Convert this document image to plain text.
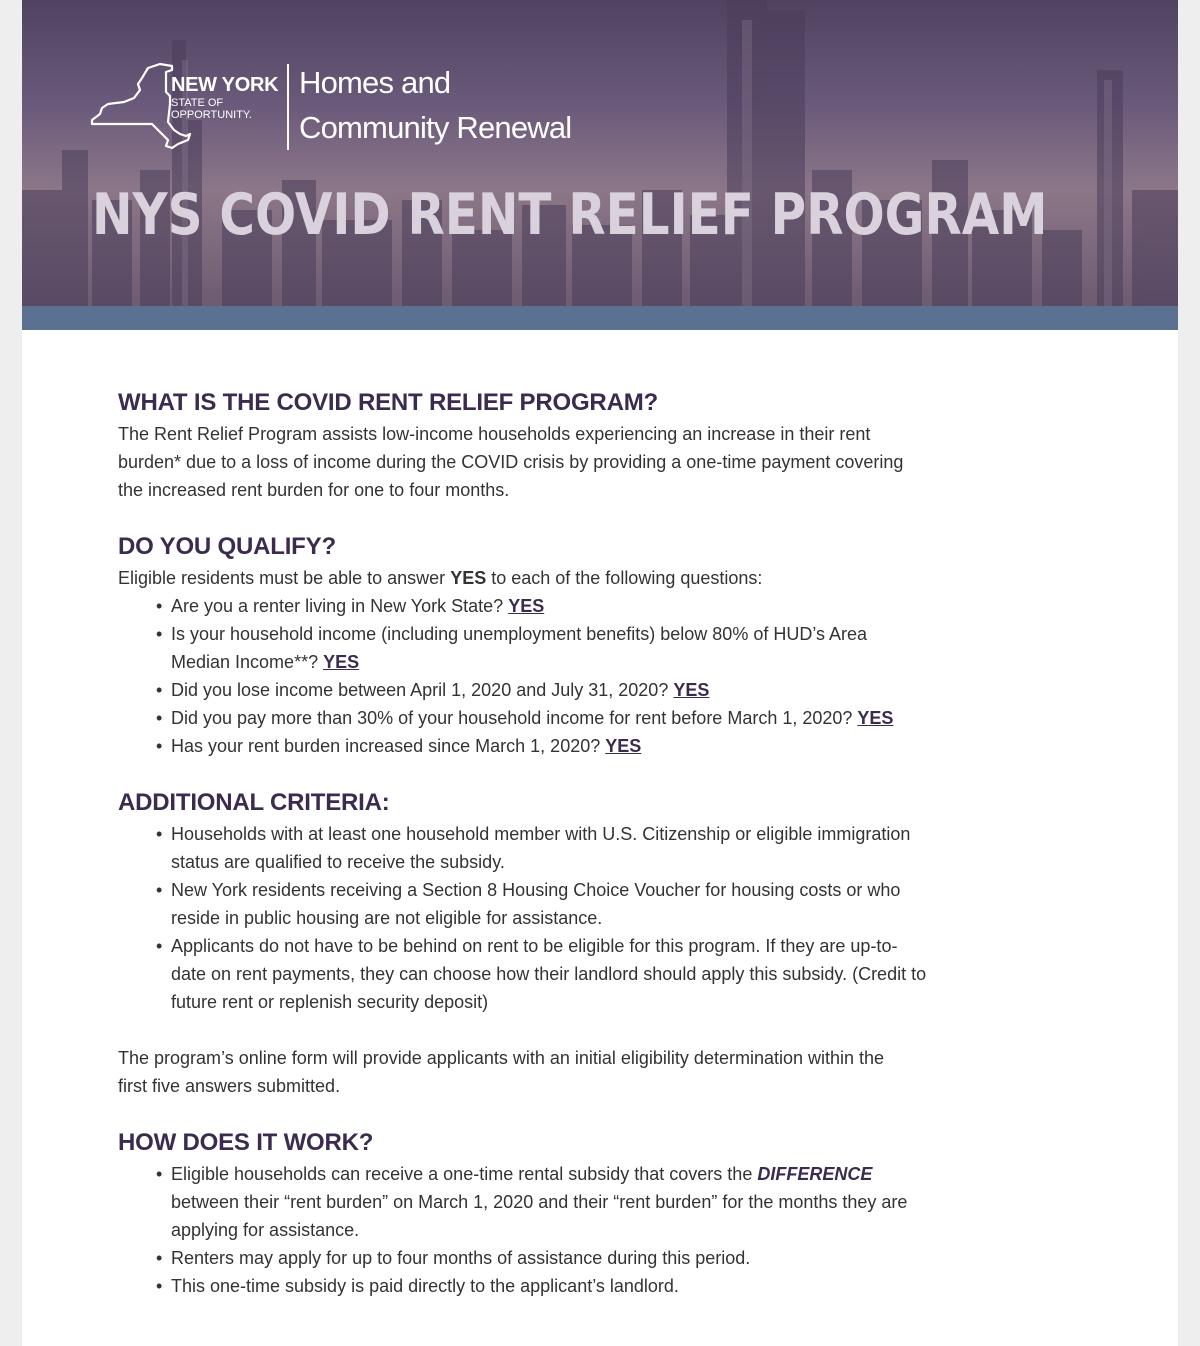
NEW YORK
STATE OF
OPPORTUNITY.
Homes and
Community Renewal
NYS COVID RENT RELIEF PROGRAM
WHAT IS THE COVID RENT RELIEF PROGRAM?

The Rent Relief Program assists low-income households experiencing an increase in their rent
burden* due to a loss of income during the COVID crisis by providing a one-time payment covering
the increased rent burden for one to four months.

DO YOU QUALIFY?

Eligible residents must be able to answer YES to each of the following questions:

• Are you a renter living in New York State? YES
• Is your household income (including unemployment benefits) below 80% of HUD’s Area
Median Income**? YES
• Did you lose income between April 1, 2020 and July 31, 2020? YES
• Did you pay more than 30% of your household income for rent before March 1, 2020? YES
• Has your rent burden increased since March 1, 2020? YES
ADDITIONAL CRITERIA:
• Households with at least one household member with U.S. Citizenship or eligible immigration
status are qualified to receive the subsidy.
• New York residents receiving a Section 8 Housing Choice Voucher for housing costs or who
reside in public housing are not eligible for assistance.
• Applicants do not have to be behind on rent to be eligible for this program. If they are up-to-
date on rent payments, they can choose how their landlord should apply this subsidy. (Credit to
future rent or replenish security deposit)

The program’s online form will provide applicants with an initial eligibility determination within the
first five answers submitted.

HOW DOES IT WORK?
• Eligible households can receive a one-time rental subsidy that covers the DIFFERENCE
between their “rent burden” on March 1, 2020 and their “rent burden” for the months they are
applying for assistance.
• Renters may apply for up to four months of assistance during this period.
• This one-time subsidy is paid directly to the applicant’s landlord.
